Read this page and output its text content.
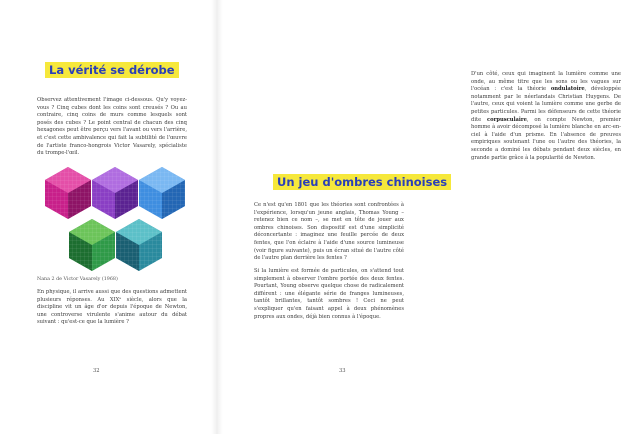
La vérité se dérobe

Observez attentivement l'image ci-dessous. Qu'y voyez-vous ? Cinq cubes dont les coins sont creusés ? Ou au contraire, cinq coins de murs comme lesquels sont posés des cubes ? Le point central de chacun des cinq hexagones peut être perçu vers l'avant ou vers l'arrière, et c'est cette ambivalence qui fait la subtilité de l'œuvre de l'artiste franco-hongrois Victor Vasarely, spécialiste du trompe-l'œil.

Nana 2 de Victor Vasarely (1968)

En physique, il arrive aussi que des questions admettent plusieurs réponses. Au XIXᵉ siècle, alors que la discipline vit un âge d'or depuis l'époque de Newton, une controverse virulente s'anime autour du débat suivant : qu'est-ce que la lumière ?

32

D'un côté, ceux qui imaginent la lumière comme une onde, au même titre que les sons ou les vagues sur l'océan : c'est la théorie ondulatoire, développée notamment par le néerlandais Christian Huygens. De l'autre, ceux qui voient la lumière comme une gerbe de petites particules. Parmi les défenseurs de cette théorie dite corpusculaire, on compte Newton, premier homme à avoir décomposé la lumière blanche en arc-en-ciel à l'aide d'un prisme. En l'absence de preuves empiriques soutenant l'une ou l'autre des théories, la seconde a dominé les débats pendant deux siècles, en grande partie grâce à la popularité de Newton.

Un jeu d'ombres chinoises

Ce n'est qu'en 1801 que les théories sont confrontées à l'expérience, lorsqu'un jeune anglais, Thomas Young – retenez bien ce nom –, se met en tête de jouer aux ombres chinoises. Son dispositif est d'une simplicité déconcertante : imaginez une feuille percée de deux fentes, que l'on éclaire à l'aide d'une source lumineuse (voir figure suivante), puis un écran situé de l'autre côté de l'autre plan derrière les fentes ?

Si la lumière est formée de particules, on s'attend tout simplement à observer l'ombre portée des deux fentes. Pourtant, Young observe quelque chose de radicalement différent : une élégante série de franges lumineuses, tantôt brillantes, tantôt sombres ! Ceci ne peut s'expliquer qu'en faisant appel à deux phénomènes propres aux ondes, déjà bien connus à l'époque.

33
